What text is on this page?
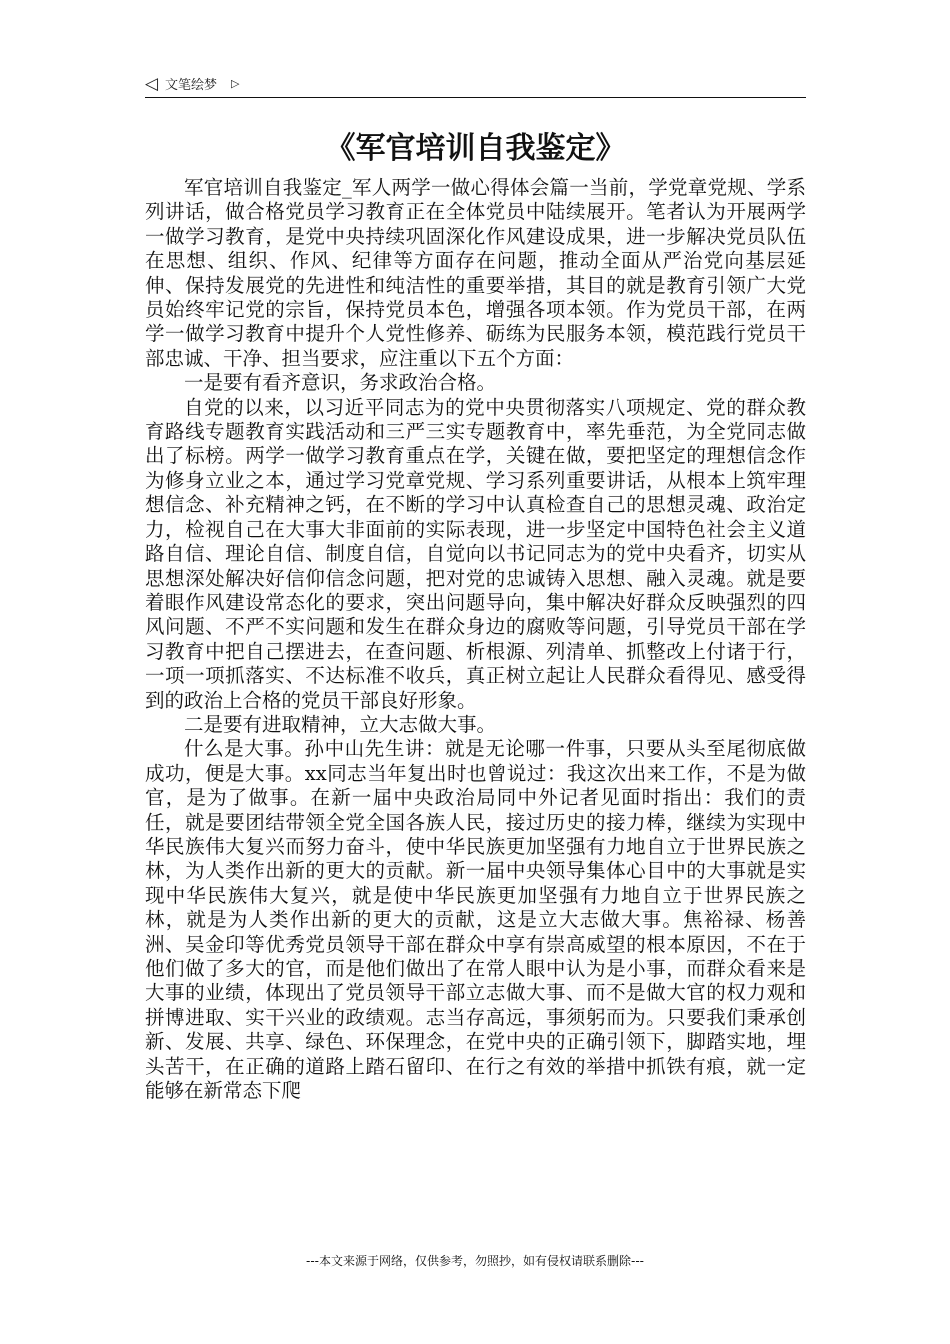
◁ 文笔绘梦 ▷
《军官培训自我鉴定》

军官培训自我鉴定_军人两学一做心得体会篇一当前，学党章党规、学系列讲话，做合格党员学习教育正在全体党员中陆续展开。笔者认为开展两学一做学习教育，是党中央持续巩固深化作风建设成果，进一步解决党员队伍在思想、组织、作风、纪律等方面存在问题，推动全面从严治党向基层延伸、保持发展党的先进性和纯洁性的重要举措，其目的就是教育引领广大党员始终牢记党的宗旨，保持党员本色，增强各项本领。作为党员干部，在两学一做学习教育中提升个人党性修养、砺练为民服务本领，模范践行党员干部忠诚、干净、担当要求，应注重以下五个方面：

一是要有看齐意识，务求政治合格。

自党的以来，以习近平同志为的党中央贯彻落实八项规定、党的群众教育路线专题教育实践活动和三严三实专题教育中，率先垂范，为全党同志做出了标榜。两学一做学习教育重点在学，关键在做，要把坚定的理想信念作为修身立业之本，通过学习党章党规、学习系列重要讲话，从根本上筑牢理想信念、补充精神之钙，在不断的学习中认真检查自己的思想灵魂、政治定力，检视自己在大事大非面前的实际表现，进一步坚定中国特色社会主义道路自信、理论自信、制度自信，自觉向以书记同志为的党中央看齐，切实从思想深处解决好信仰信念问题，把对党的忠诚铸入思想、融入灵魂。就是要着眼作风建设常态化的要求，突出问题导向，集中解决好群众反映强烈的四风问题、不严不实问题和发生在群众身边的腐败等问题，引导党员干部在学习教育中把自己摆进去，在查问题、析根源、列清单、抓整改上付诸于行，一项一项抓落实、不达标准不收兵，真正树立起让人民群众看得见、感受得到的政治上合格的党员干部良好形象。

二是要有进取精神，立大志做大事。

什么是大事。孙中山先生讲：就是无论哪一件事，只要从头至尾彻底做成功，便是大事。xx同志当年复出时也曾说过：我这次出来工作，不是为做官，是为了做事。在新一届中央政治局同中外记者见面时指出：我们的责任，就是要团结带领全党全国各族人民，接过历史的接力棒，继续为实现中华民族伟大复兴而努力奋斗，使中华民族更加坚强有力地自立于世界民族之林，为人类作出新的更大的贡献。新一届中央领导集体心目中的大事就是实现中华民族伟大复兴，就是使中华民族更加坚强有力地自立于世界民族之林，就是为人类作出新的更大的贡献，这是立大志做大事。焦裕禄、杨善洲、吴金印等优秀党员领导干部在群众中享有崇高威望的根本原因，不在于他们做了多大的官，而是他们做出了在常人眼中认为是小事，而群众看来是大事的业绩，体现出了党员领导干部立志做大事、而不是做大官的权力观和拼博进取、实干兴业的政绩观。志当存高远，事须躬而为。只要我们秉承创新、发展、共享、绿色、环保理念，在党中央的正确引领下，脚踏实地，埋头苦干，在正确的道路上踏石留印、在行之有效的举措中抓铁有痕，就一定能够在新常态下爬

---本文来源于网络，仅供参考，勿照抄，如有侵权请联系删除---
